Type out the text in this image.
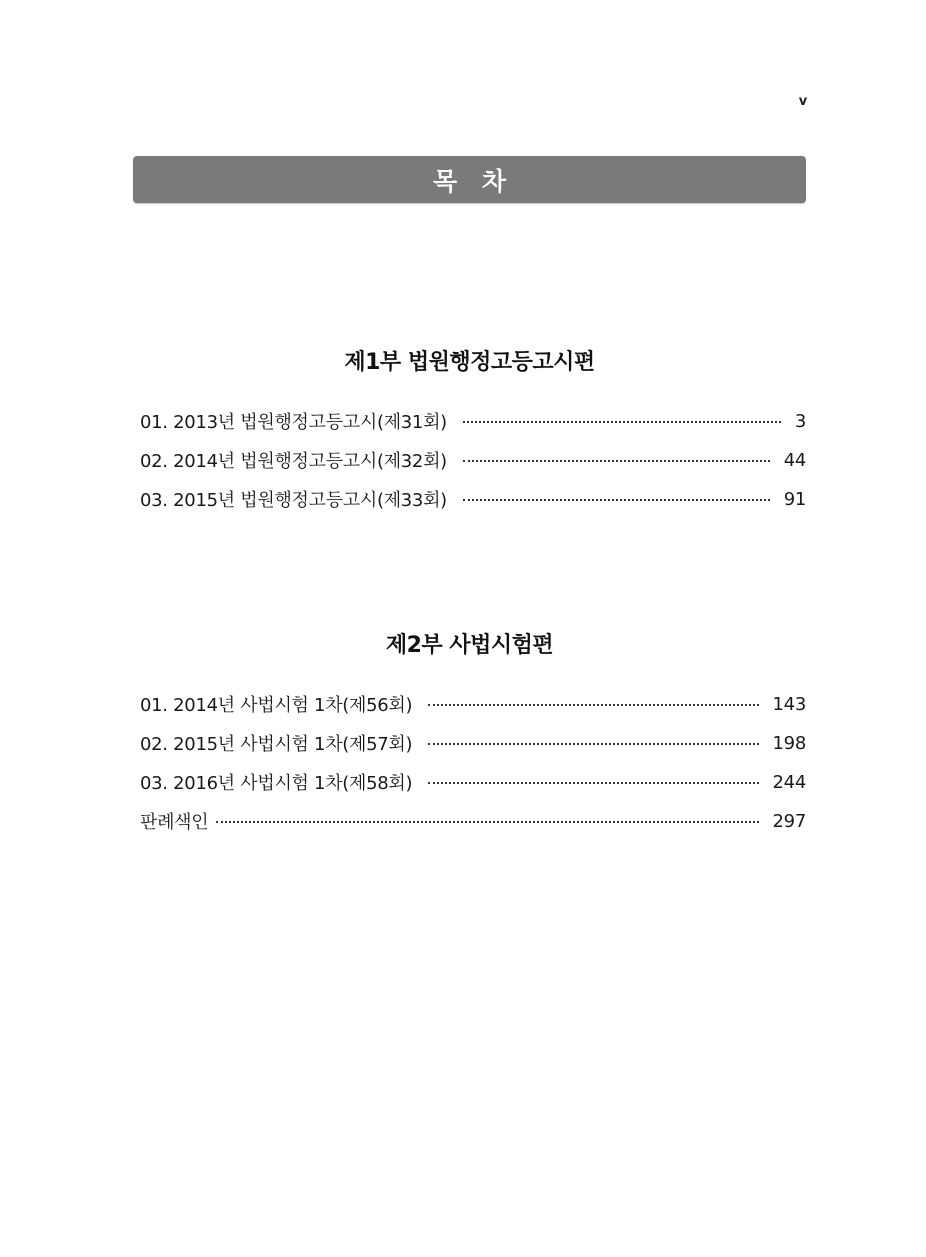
v
목 차
제1부 법원행정고등고시편
01. 2013년 법원행정고등고시(제31회)	3
02. 2014년 법원행정고등고시(제32회)	44
03. 2015년 법원행정고등고시(제33회)	91
제2부 사법시험편
01. 2014년 사법시험 1차(제56회)	143
02. 2015년 사법시험 1차(제57회)	198
03. 2016년 사법시험 1차(제58회)	244
판례색인	297
